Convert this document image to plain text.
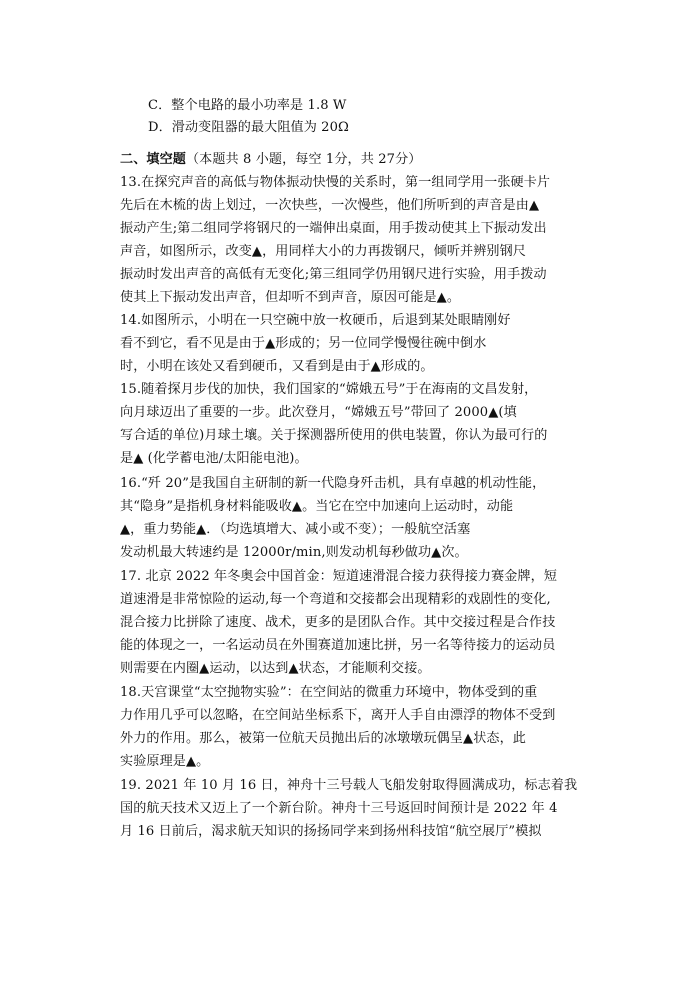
C．整个电路的最小功率是 1.8 W
D．滑动变阻器的最大阻值为 20Ω
二、填空题（本题共 8 小题，每空 1分，共 27分）
13.在探究声音的高低与物体振动快慢的关系时，第一组同学用一张硬卡片
先后在木梳的齿上划过，一次快些，一次慢些，他们所听到的声音是由▲
振动产生;第二组同学将钢尺的一端伸出桌面，用手拨动使其上下振动发出
声音，如图所示，改变▲，用同样大小的力再拨钢尺，倾听并辨别钢尺
振动时发出声音的高低有无变化;第三组同学仍用钢尺进行实验，用手拨动
使其上下振动发出声音，但却听不到声音，原因可能是▲。
14.如图所示，小明在一只空碗中放一枚硬币，后退到某处眼睛刚好
看不到它，看不见是由于▲形成的；另一位同学慢慢往碗中倒水
时，小明在该处又看到硬币，又看到是由于▲形成的。
15.随着探月步伐的加快，我们国家的“嫦娥五号”于在海南的文昌发射，
向月球迈出了重要的一步。此次登月，“嫦娥五号”带回了 2000▲(填
写合适的单位)月球土壤。关于探测器所使用的供电装置，你认为最可行的
是▲ (化学蓄电池/太阳能电池)。
16.“歼 20”是我国自主研制的新一代隐身歼击机，具有卓越的机动性能，
其“隐身”是指机身材料能吸收▲。当它在空中加速向上运动时，动能
▲，重力势能▲．（均选填增大、减小或不变）；一般航空活塞
发动机最大转速约是 12000r/min,则发动机每秒做功▲次。
17. 北京 2022 年冬奥会中国首金：短道速滑混合接力获得接力赛金牌，短
道速滑是非常惊险的运动,每一个弯道和交接都会出现精彩的戏剧性的变化,
混合接力比拼除了速度、战术，更多的是团队合作。其中交接过程是合作技
能的体现之一，一名运动员在外围赛道加速比拼，另一名等待接力的运动员
则需要在内圈▲运动，以达到▲状态，才能顺利交接。
18.天宫课堂“太空抛物实验”：在空间站的微重力环境中，物体受到的重
力作用几乎可以忽略，在空间站坐标系下，离开人手自由漂浮的物体不受到
外力的作用。那么，被第一位航天员抛出后的冰墩墩玩偶呈▲状态，此
实验原理是▲。
19. 2021 年 10 月 16 日，神舟十三号载人飞船发射取得圆满成功，标志着我
国的航天技术又迈上了一个新台阶。神舟十三号返回时间预计是 2022 年 4
月 16 日前后，渴求航天知识的扬扬同学来到扬州科技馆“航空展厅”模拟
